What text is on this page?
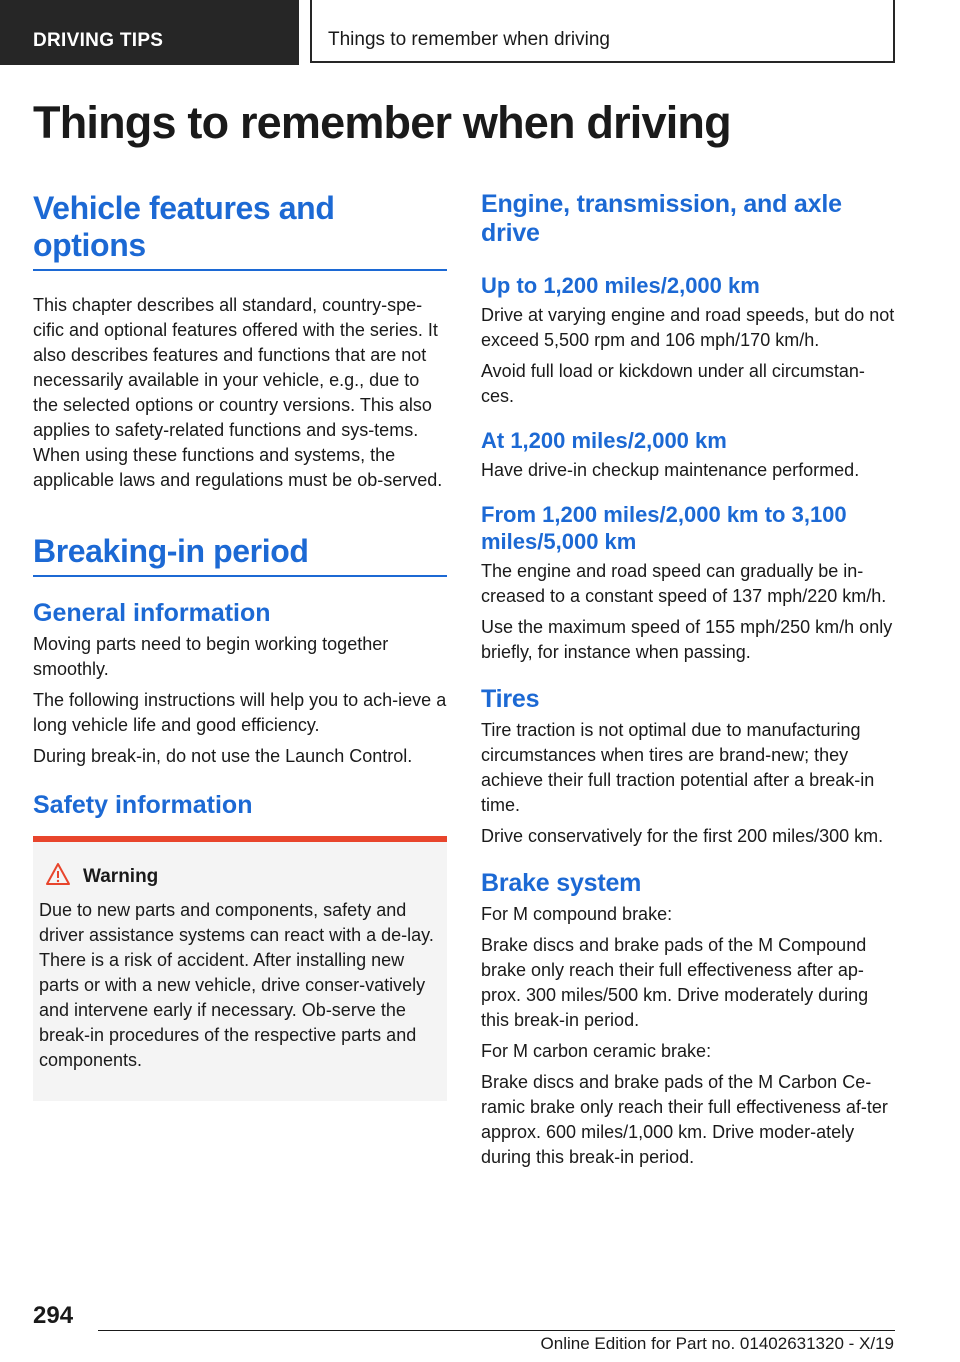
DRIVING TIPS	Things to remember when driving
Things to remember when driving
Vehicle features and options

This chapter describes all standard, country-spe-cific and optional features offered with the series. It also describes features and functions that are not necessarily available in your vehicle, e.g., due to the selected options or country versions. This also applies to safety-related functions and sys-tems. When using these functions and systems, the applicable laws and regulations must be ob-served.

Breaking-in period
General information

Moving parts need to begin working together smoothly.

The following instructions will help you to ach-ieve a long vehicle life and good efficiency.

During break-in, do not use the Launch Control.

Safety information
Warning

Due to new parts and components, safety and driver assistance systems can react with a de-lay. There is a risk of accident. After installing new parts or with a new vehicle, drive conser-vatively and intervene early if necessary. Ob-serve the break-in procedures of the respective parts and components.

Engine, transmission, and axle drive
Up to 1,200 miles/2,000 km

Drive at varying engine and road speeds, but do not exceed 5,500 rpm and 106 mph/170 km/h.

Avoid full load or kickdown under all circumstan-ces.

At 1,200 miles/2,000 km

Have drive-in checkup maintenance performed.

From 1,200 miles/2,000 km to 3,100 miles/5,000 km

The engine and road speed can gradually be in-creased to a constant speed of 137 mph/220 km/h.

Use the maximum speed of 155 mph/250 km/h only briefly, for instance when passing.

Tires

Tire traction is not optimal due to manufacturing circumstances when tires are brand-new; they achieve their full traction potential after a break-in time.

Drive conservatively for the first 200 miles/300 km.

Brake system

For M compound brake:

Brake discs and brake pads of the M Compound brake only reach their full effectiveness after ap-prox. 300 miles/500 km. Drive moderately during this break-in period.

For M carbon ceramic brake:

Brake discs and brake pads of the M Carbon Ce-ramic brake only reach their full effectiveness af-ter approx. 600 miles/1,000 km. Drive moder-ately during this break-in period.

294
Online Edition for Part no. 01402631320 - X/19
